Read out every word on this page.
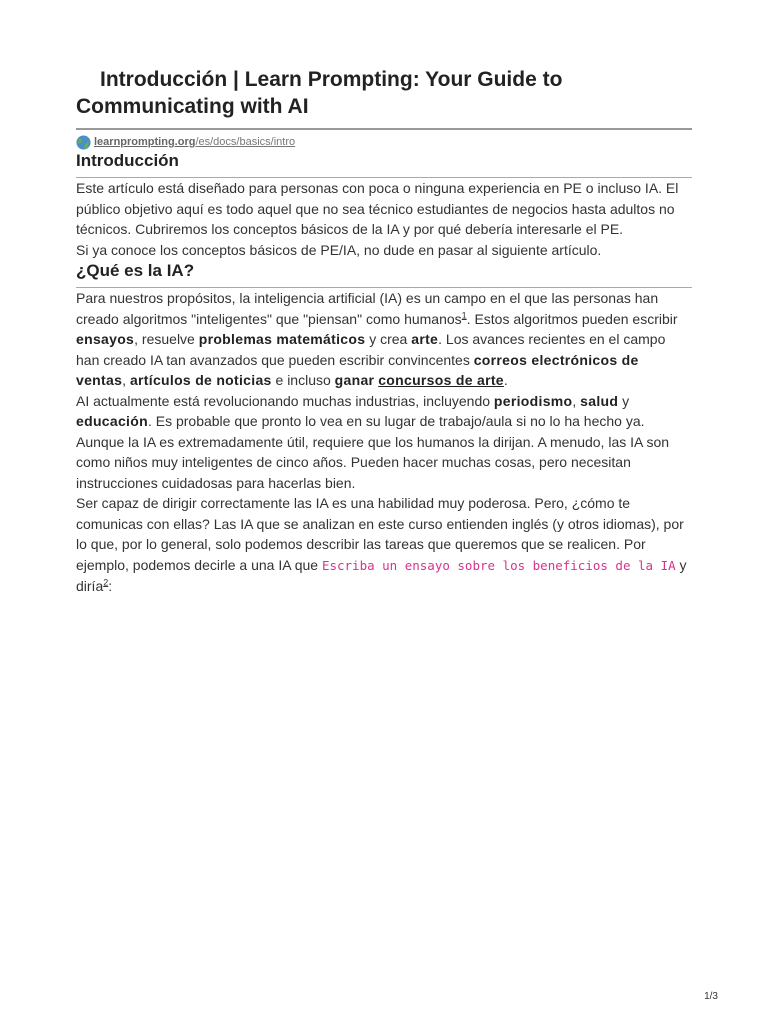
Introducción | Learn Prompting: Your Guide to Communicating with AI
learnprompting.org /es/docs/basics/intro
Introducción

Este artículo está diseñado para personas con poca o ninguna experiencia en PE o incluso IA. El público objetivo aquí es todo aquel que no sea técnico estudiantes de negocios hasta adultos no técnicos. Cubriremos los conceptos básicos de la IA y por qué debería interesarle el PE.

Si ya conoce los conceptos básicos de PE/IA, no dude en pasar al siguiente artículo.

¿Qué es la IA?

Para nuestros propósitos, la inteligencia artificial (IA) es un campo en el que las personas han creado algoritmos "inteligentes" que "piensan" como humanos$^1$. Estos algoritmos pueden escribir ensayos, resuelve problemas matemáticos y crea arte. Los avances recientes en el campo han creado IA tan avanzados que pueden escribir convincentes correos electrónicos de ventas, artículos de noticias e incluso ganar concursos de arte.

AI actualmente está revolucionando muchas industrias, incluyendo periodismo, salud y educación. Es probable que pronto lo vea en su lugar de trabajo/aula si no lo ha hecho ya. Aunque la IA es extremadamente útil, requiere que los humanos la dirijan. A menudo, las IA son como niños muy inteligentes de cinco años. Pueden hacer muchas cosas, pero necesitan instrucciones cuidadosas para hacerlas bien.

Ser capaz de dirigir correctamente las IA es una habilidad muy poderosa. Pero, ¿cómo te comunicas con ellas? Las IA que se analizan en este curso entienden inglés (y otros idiomas), por lo que, por lo general, solo podemos describir las tareas que queremos que se realicen. Por ejemplo, podemos decirle a una IA que Escriba un ensayo sobre los beneficios de la IA y diría$^2$:

1/3
